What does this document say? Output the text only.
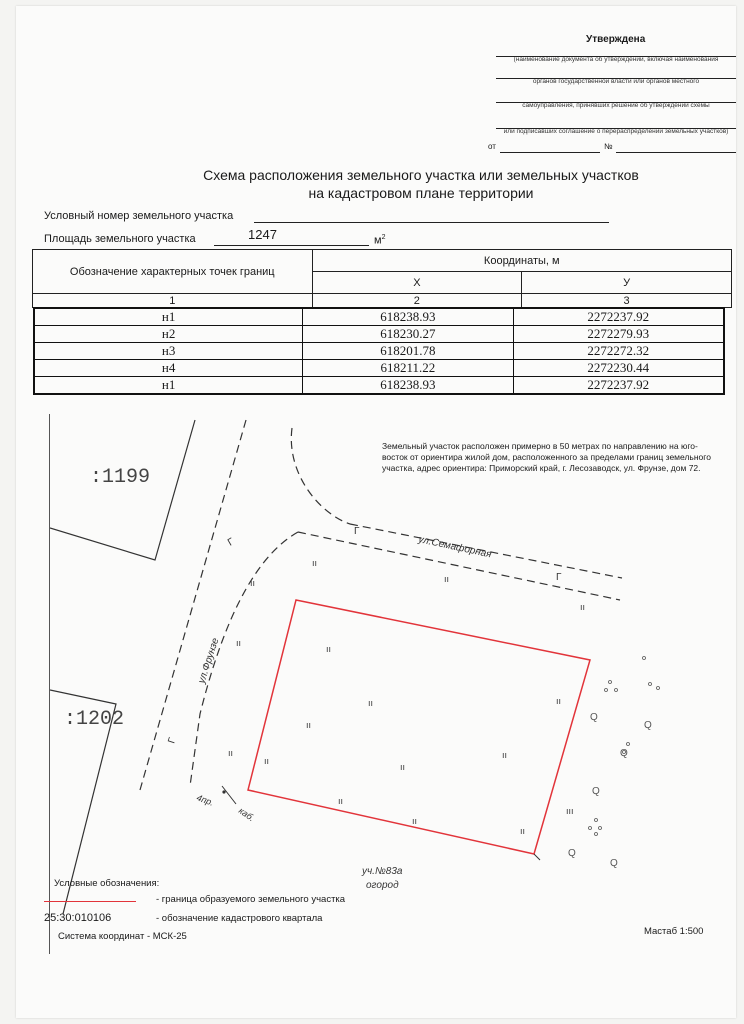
Утверждена
(наименование документа об утверждении, включая наименования
органов государственной власти или органов местного
самоуправления, принявших решение об утверждении схемы
или подписавших соглашение о перераспределении земельных участков)
от	№
Схема расположения земельного участка или земельных участков
на кадастровом плане территории
Условный номер земельного участка
Площадь земельного участка	1247	$м^2$
Обозначение характерных точек границ	Координаты, м	
	X	У
1	2	3
н1	618238.93	2272237.92
н2	618230.27	2272279.93
н3	618201.78	2272272.32
н4	618211.22	2272230.44
н1	618238.93	2272237.92
:1199
:1202
ул.Фрунзе
ул.Семафорная
Г
Г
Г
Г
4пр.
каб.
уч.№83а
огород
ıı
ıı	ıı
ıı
ıı
ıı
ıı
ıı
ıı
ıı
ıı
ıı
ıı
ıı
ıı
ıı
ııı
Q
Q
Q
Q
Q
Q
Земельный участок расположен примерно в 50 метрах по направлению на юго-восток от ориентира жилой дом, расположенного за пределами границ земельного участка, адрес ориентира: Приморский край, г. Лесозаводск, ул. Фрунзе, дом 72.
Условные обозначения:
- граница образуемого земельного участка
25:30:010106	- обозначение кадастрового квартала
Система координат - МСК-25	Мастаб 1:500
